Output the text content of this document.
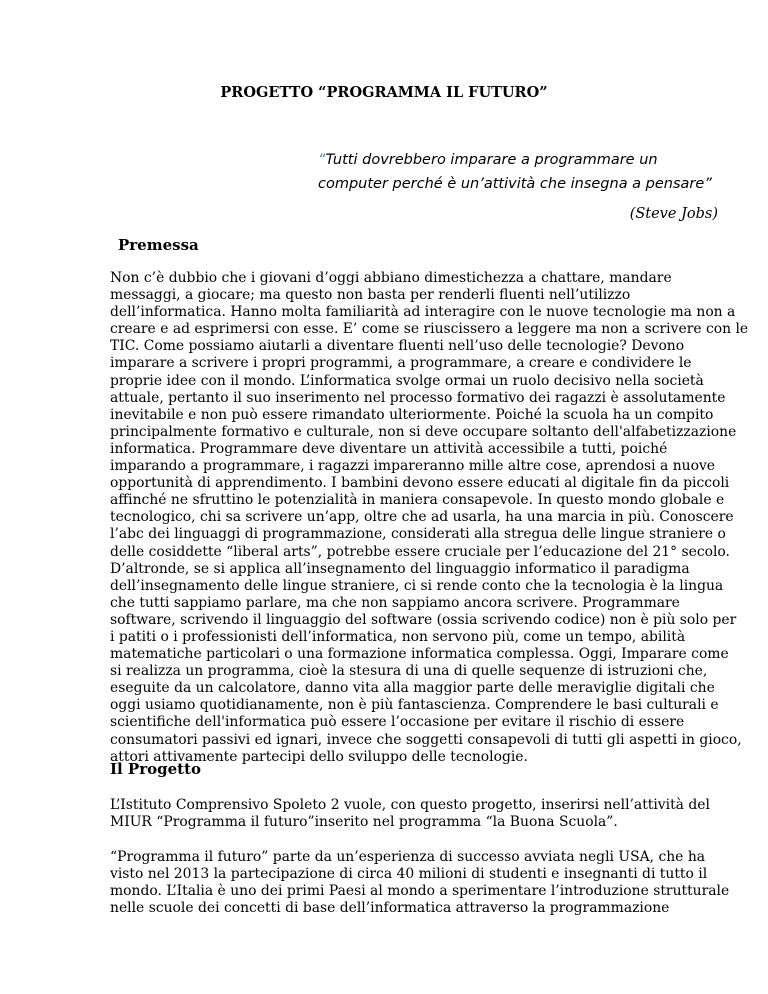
PROGETTO “PROGRAMMA IL FUTURO”
“Tutti dovrebbero imparare a programmare un
computer perché è un’attività che insegna a pensare”
(Steve Jobs)
Premessa
Non c’è dubbio che i giovani d’oggi abbiano dimestichezza a chattare, mandare
messaggi, a giocare; ma questo non basta per renderli fluenti nell’utilizzo
dell’informatica. Hanno molta familiarità ad interagire con le nuove tecnologie ma non a
creare e ad esprimersi con esse. E’ come se riuscissero a leggere ma non a scrivere con le
TIC. Come possiamo aiutarli a diventare fluenti nell’uso delle tecnologie? Devono
imparare a scrivere i propri programmi, a programmare, a creare e condividere le
proprie idee con il mondo. L’informatica svolge ormai un ruolo decisivo nella società
attuale, pertanto il suo inserimento nel processo formativo dei ragazzi è assolutamente
inevitabile e non può essere rimandato ulteriormente. Poiché la scuola ha un compito
principalmente formativo e culturale, non si deve occupare soltanto dell'alfabetizzazione
informatica. Programmare deve diventare un attività accessibile a tutti, poiché
imparando a programmare, i ragazzi impareranno mille altre cose, aprendosi a nuove
opportunità di apprendimento. I bambini devono essere educati al digitale fin da piccoli
affinché ne sfruttino le potenzialità in maniera consapevole. In questo mondo globale e
tecnologico, chi sa scrivere un’app, oltre che ad usarla, ha una marcia in più. Conoscere
l’abc dei linguaggi di programmazione, considerati alla stregua delle lingue straniere o
delle cosiddette “liberal arts”, potrebbe essere cruciale per l’educazione del 21° secolo.
D’altronde, se si applica all’insegnamento del linguaggio informatico il paradigma
dell’insegnamento delle lingue straniere, ci si rende conto che la tecnologia è la lingua
che tutti sappiamo parlare, ma che non sappiamo ancora scrivere. Programmare
software, scrivendo il linguaggio del software (ossia scrivendo codice) non è più solo per
i patiti o i professionisti dell’informatica, non servono più, come un tempo, abilità
matematiche particolari o una formazione informatica complessa. Oggi, Imparare come
si realizza un programma, cioè la stesura di una di quelle sequenze di istruzioni che,
eseguite da un calcolatore, danno vita alla maggior parte delle meraviglie digitali che
oggi usiamo quotidianamente, non è più fantascienza. Comprendere le basi culturali e
scientifiche dell'informatica può essere l’occasione per evitare il rischio di essere
consumatori passivi ed ignari, invece che soggetti consapevoli di tutti gli aspetti in gioco,
attori attivamente partecipi dello sviluppo delle tecnologie.
Il Progetto
L’Istituto Comprensivo Spoleto 2 vuole, con questo progetto, inserirsi nell’attività del
MIUR “Programma il futuro”inserito nel programma “la Buona Scuola”.
“Programma il futuro” parte da un’esperienza di successo avviata negli USA, che ha
visto nel 2013 la partecipazione di circa 40 milioni di studenti e insegnanti di tutto il
mondo. L’Italia è uno dei primi Paesi al mondo a sperimentare l’introduzione strutturale
nelle scuole dei concetti di base dell’informatica attraverso la programmazione
